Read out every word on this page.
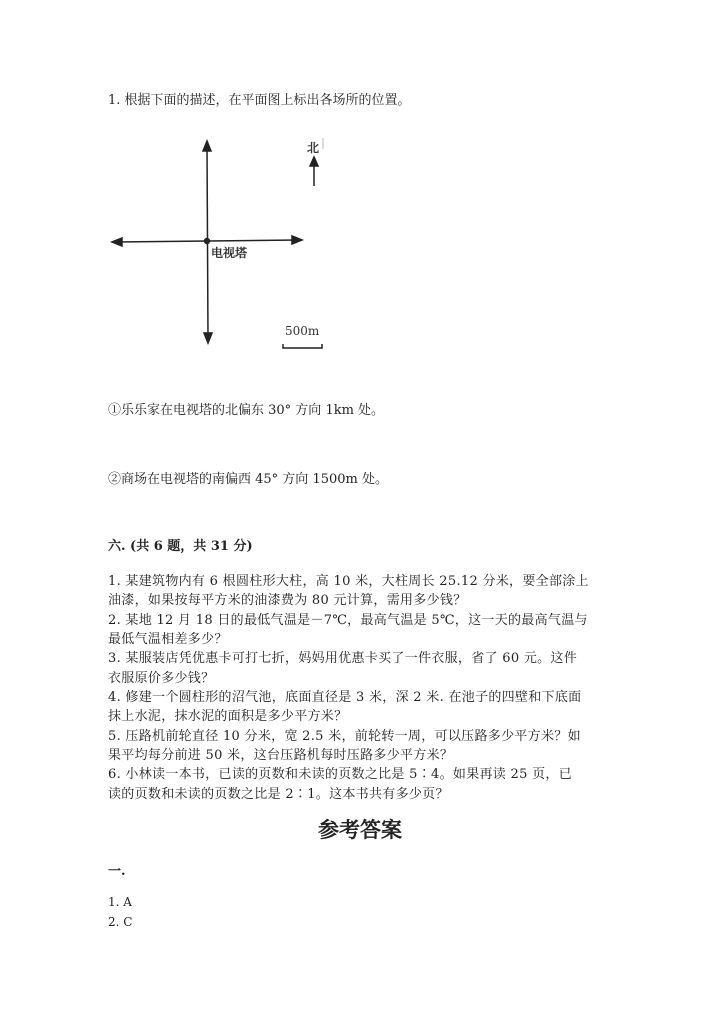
1. 根据下面的描述，在平面图上标出各场所的位置。
电视塔
北
500m
①乐乐家在电视塔的北偏东 30° 方向 1km 处。
②商场在电视塔的南偏西 45° 方向 1500m 处。
六. (共 6 题，共 31 分)
1. 某建筑物内有 6 根圆柱形大柱，高 10 米，大柱周长 25.12 分米，要全部涂上
油漆，如果按每平方米的油漆费为 80 元计算，需用多少钱？
2. 某地 12 月 18 日的最低气温是－7℃，最高气温是 5℃，这一天的最高气温与
最低气温相差多少？
3. 某服装店凭优惠卡可打七折，妈妈用优惠卡买了一件衣服，省了 60 元。这件
衣服原价多少钱？
4. 修建一个圆柱形的沼气池，底面直径是 3 米，深 2 米. 在池子的四壁和下底面
抹上水泥，抹水泥的面积是多少平方米？
5. 压路机前轮直径 10 分米，宽 2.5 米，前轮转一周，可以压路多少平方米？如
果平均每分前进 50 米，这台压路机每时压路多少平方米？
6. 小林读一本书，已读的页数和未读的页数之比是 5∶4。如果再读 25 页，已
读的页数和未读的页数之比是 2∶1。这本书共有多少页？
参考答案
一.
1. A
2. C
